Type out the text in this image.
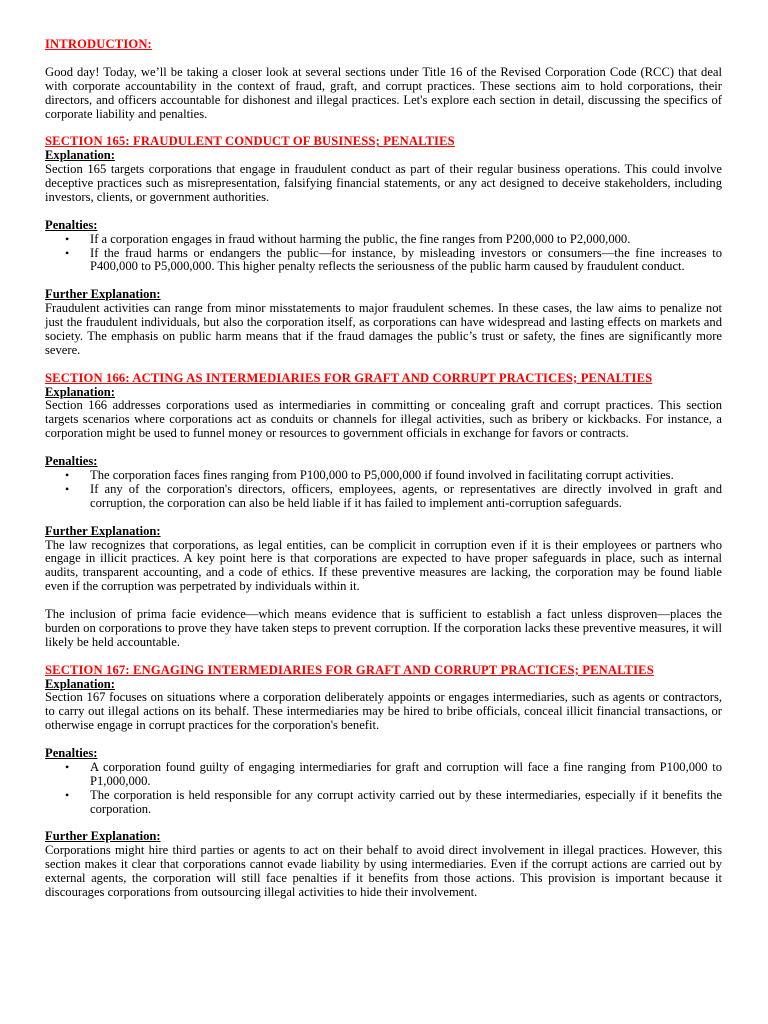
INTRODUCTION:

Good day! Today, we’ll be taking a closer look at several sections under Title 16 of the Revised Corporation Code (RCC) that deal with corporate accountability in the context of fraud, graft, and corrupt practices. These sections aim to hold corporations, their directors, and officers accountable for dishonest and illegal practices. Let's explore each section in detail, discussing the specifics of corporate liability and penalties.

SECTION 165: FRAUDULENT CONDUCT OF BUSINESS; PENALTIES

Explanation:

Section 165 targets corporations that engage in fraudulent conduct as part of their regular business operations. This could involve deceptive practices such as misrepresentation, falsifying financial statements, or any act designed to deceive stakeholders, including investors, clients, or government authorities.

Penalties:

• If a corporation engages in fraud without harming the public, the fine ranges from P200,000 to P2,000,000.
• If the fraud harms or endangers the public—for instance, by misleading investors or consumers—the fine increases to P400,000 to P5,000,000. This higher penalty reflects the seriousness of the public harm caused by fraudulent conduct.

Further Explanation:

Fraudulent activities can range from minor misstatements to major fraudulent schemes. In these cases, the law aims to penalize not just the fraudulent individuals, but also the corporation itself, as corporations can have widespread and lasting effects on markets and society. The emphasis on public harm means that if the fraud damages the public’s trust or safety, the fines are significantly more severe.

SECTION 166: ACTING AS INTERMEDIARIES FOR GRAFT AND CORRUPT PRACTICES; PENALTIES

Explanation:

Section 166 addresses corporations used as intermediaries in committing or concealing graft and corrupt practices. This section targets scenarios where corporations act as conduits or channels for illegal activities, such as bribery or kickbacks. For instance, a corporation might be used to funnel money or resources to government officials in exchange for favors or contracts.

Penalties:

• The corporation faces fines ranging from P100,000 to P5,000,000 if found involved in facilitating corrupt activities.
• If any of the corporation's directors, officers, employees, agents, or representatives are directly involved in graft and corruption, the corporation can also be held liable if it has failed to implement anti-corruption safeguards.

Further Explanation:

The law recognizes that corporations, as legal entities, can be complicit in corruption even if it is their employees or partners who engage in illicit practices. A key point here is that corporations are expected to have proper safeguards in place, such as internal audits, transparent accounting, and a code of ethics. If these preventive measures are lacking, the corporation may be found liable even if the corruption was perpetrated by individuals within it.

The inclusion of prima facie evidence—which means evidence that is sufficient to establish a fact unless disproven—places the burden on corporations to prove they have taken steps to prevent corruption. If the corporation lacks these preventive measures, it will likely be held accountable.

SECTION 167: ENGAGING INTERMEDIARIES FOR GRAFT AND CORRUPT PRACTICES; PENALTIES

Explanation:

Section 167 focuses on situations where a corporation deliberately appoints or engages intermediaries, such as agents or contractors, to carry out illegal actions on its behalf. These intermediaries may be hired to bribe officials, conceal illicit financial transactions, or otherwise engage in corrupt practices for the corporation's benefit.

Penalties:

• A corporation found guilty of engaging intermediaries for graft and corruption will face a fine ranging from P100,000 to P1,000,000.
• The corporation is held responsible for any corrupt activity carried out by these intermediaries, especially if it benefits the corporation.

Further Explanation:

Corporations might hire third parties or agents to act on their behalf to avoid direct involvement in illegal practices. However, this section makes it clear that corporations cannot evade liability by using intermediaries. Even if the corrupt actions are carried out by external agents, the corporation will still face penalties if it benefits from those actions. This provision is important because it discourages corporations from outsourcing illegal activities to hide their involvement.
